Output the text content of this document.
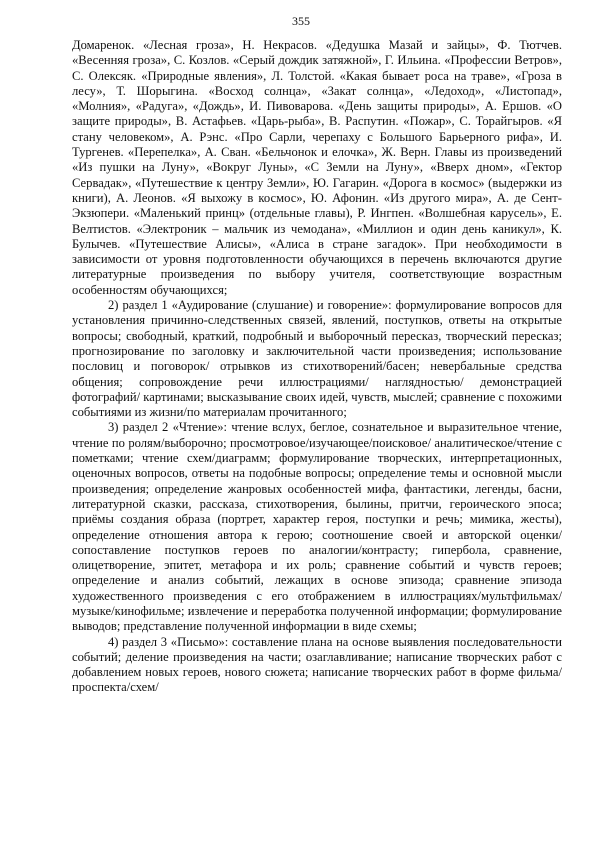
355

Домаренок. «Лесная гроза», Н. Некрасов. «Дедушка Мазай и зайцы», Ф. Тютчев. «Весенняя гроза», С. Козлов. «Серый дождик затяжной», Г. Ильина. «Профессии Ветров», С. Олексяк. «Природные явления», Л. Толстой. «Какая бывает роса на траве», «Гроза в лесу», Т. Шорыгина. «Восход солнца», «Закат солнца», «Ледоход», «Листопад», «Молния», «Радуга», «Дождь», И. Пивоварова. «День защиты природы», А. Ершов. «О защите природы», В. Астафьев. «Царь-рыба», В. Распутин. «Пожар», С. Торайгыров. «Я стану человеком», А. Рэнс. «Про Сарли, черепаху с Большого Барьерного рифа», И. Тургенев. «Перепелка», А. Сван. «Бельчонок и елочка», Ж. Верн. Главы из произведений «Из пушки на Луну», «Вокруг Луны», «С Земли на Луну», «Вверх дном», «Гектор Сервадак», «Путешествие к центру Земли», Ю. Гагарин. «Дорога в космос» (выдержки из книги), А. Леонов. «Я выхожу в космос», Ю. Афонин. «Из другого мира», А. де Сент-Экзюпери. «Маленький принц» (отдельные главы), Р. Ингпен. «Волшебная карусель», Е. Велтистов. «Электроник – мальчик из чемодана», «Миллион и один день каникул», К. Булычев. «Путешествие Алисы», «Алиса в стране загадок». При необходимости в зависимости от уровня подготовленности обучающихся в перечень включаются другие литературные произведения по выбору учителя, соответствующие возрастным особенностям обучающихся;

2) раздел 1 «Аудирование (слушание) и говорение»: формулирование вопросов для установления причинно-следственных связей, явлений, поступков, ответы на открытые вопросы; свободный, краткий, подробный и выборочный пересказ, творческий пересказ; прогнозирование по заголовку и заключительной части произведения; использование пословиц и поговорок/ отрывков из стихотворений/басен; невербальные средства общения; сопровождение речи иллюстрациями/ наглядностью/ демонстрацией фотографий/ картинами; высказывание своих идей, чувств, мыслей; сравнение с похожими событиями из жизни/по материалам прочитанного;

3) раздел 2 «Чтение»: чтение вслух, беглое, сознательное и выразительное чтение, чтение по ролям/выборочно; просмотровое/изучающее/поисковое/ аналитическое/чтение с пометками; чтение схем/диаграмм; формулирование творческих, интерпретационных, оценочных вопросов, ответы на подобные вопросы; определение темы и основной мысли произведения; определение жанровых особенностей мифа, фантастики, легенды, басни, литературной сказки, рассказа, стихотворения, былины, притчи, героического эпоса; приёмы создания образа (портрет, характер героя, поступки и речь; мимика, жесты), определение отношения автора к герою; соотношение своей и авторской оценки/сопоставление поступков героев по аналогии/контрасту; гипербола, сравнение, олицетворение, эпитет, метафора и их роль; сравнение событий и чувств героев; определение и анализ событий, лежащих в основе эпизода; сравнение эпизода художественного произведения с его отображением в иллюстрациях/мультфильмах/музыке/кинофильме; извлечение и переработка полученной информации; формулирование выводов; представление полученной информации в виде схемы;

4) раздел 3 «Письмо»: составление плана на основе выявления последовательности событий; деление произведения на части; озаглавливание; написание творческих работ с добавлением новых героев, нового сюжета; написание творческих работ в форме фильма/проспекта/схем/
